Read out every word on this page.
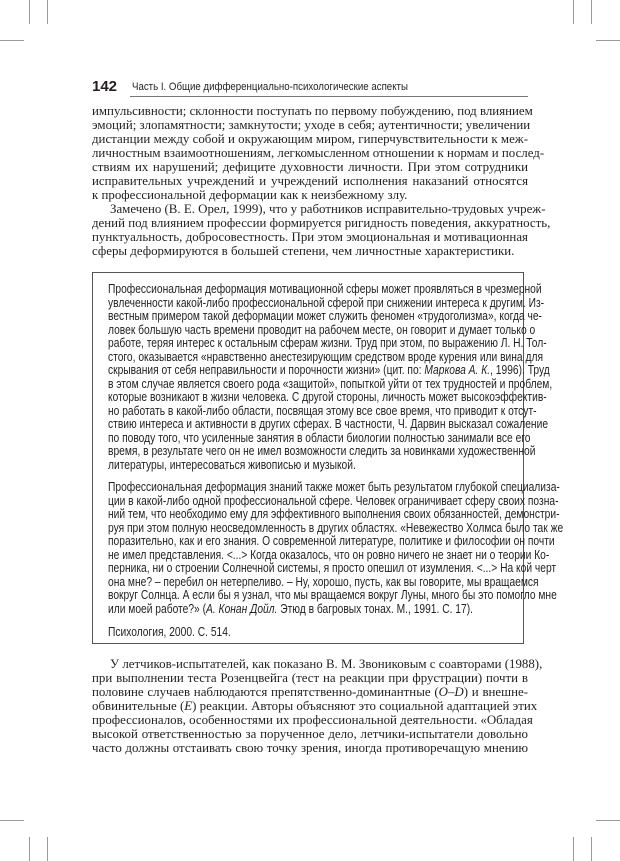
142 Часть I. Общие дифференциально-психологические аспекты
импульсивности; склонности поступать по первому побуждению, под влиянием
эмоций; злопамятности; замкнутости; уходе в себя; аутентичности; увеличении
дистанции между собой и окружающим миром, гиперчувствительности к меж-
личностным взаимоотношениям, легкомысленном отношении к нормам и послед-
ствиям их нарушений; дефиците духовности личности. При этом сотрудники
исправительных учреждений и учреждений исполнения наказаний относятся
к профессиональной деформации как к неизбежному злу.
Замечено (В. Е. Орел, 1999), что у работников исправительно-трудовых учреж-
дений под влиянием профессии формируется ригидность поведения, аккуратность,
пунктуальность, добросовестность. При этом эмоциональная и мотивационная
сферы деформируются в большей степени, чем личностные характеристики.
Профессиональная деформация мотивационной сферы может проявляться в чрезмерной
увлеченности какой-либо профессиональной сферой при снижении интереса к другим. Из-
вестным примером такой деформации может служить феномен «трудоголизма», когда че-
ловек большую часть времени проводит на рабочем месте, он говорит и думает только о
работе, теряя интерес к остальным сферам жизни. Труд при этом, по выражению Л. Н. Тол-
стого, оказывается «нравственно анестезирующим средством вроде курения или вина для
скрывания от себя неправильности и порочности жизни» (цит. по: Маркова А. К., 1996). Труд
в этом случае является своего рода «защитой», попыткой уйти от тех трудностей и проблем,
которые возникают в жизни человека. С другой стороны, личность может высокоэффектив-
но работать в какой-либо области, посвящая этому все свое время, что приводит к отсут-
ствию интереса и активности в других сферах. В частности, Ч. Дарвин высказал сожаление
по поводу того, что усиленные занятия в области биологии полностью занимали все его
время, в результате чего он не имел возможности следить за новинками художественной
литературы, интересоваться живописью и музыкой.
Профессиональная деформация знаний также может быть результатом глубокой специализа-
ции в какой-либо одной профессиональной сфере. Человек ограничивает сферу своих позна-
ний тем, что необходимо ему для эффективного выполнения своих обязанностей, демонстри-
руя при этом полную неосведомленность в других областях. «Невежество Холмса было так же
поразительно, как и его знания. О современной литературе, политике и философии он почти
не имел представления. <...> Когда оказалось, что он ровно ничего не знает ни о теории Ко-
перника, ни о строении Солнечной системы, я просто опешил от изумления. <...> На кой черт
она мне? – перебил он нетерпеливо. – Ну, хорошо, пусть, как вы говорите, мы вращаемся
вокруг Солнца. А если бы я узнал, что мы вращаемся вокруг Луны, много бы это помогло мне
или моей работе?» (А. Конан Дойл. Этюд в багровых тонах. М., 1991. С. 17).
Психология, 2000. С. 514.
У летчиков-испытателей, как показано В. М. Звониковым с соавторами (1988),
при выполнении теста Розенцвейга (тест на реакции при фрустрации) почти в
половине случаев наблюдаются препятственно-доминантные (O–D) и внешне-
обвинительные (E) реакции. Авторы объясняют это социальной адаптацией этих
профессионалов, особенностями их профессиональной деятельности. «Обладая
высокой ответственностью за порученное дело, летчики-испытатели довольно
часто должны отстаивать свою точку зрения, иногда противоречащую мнению
